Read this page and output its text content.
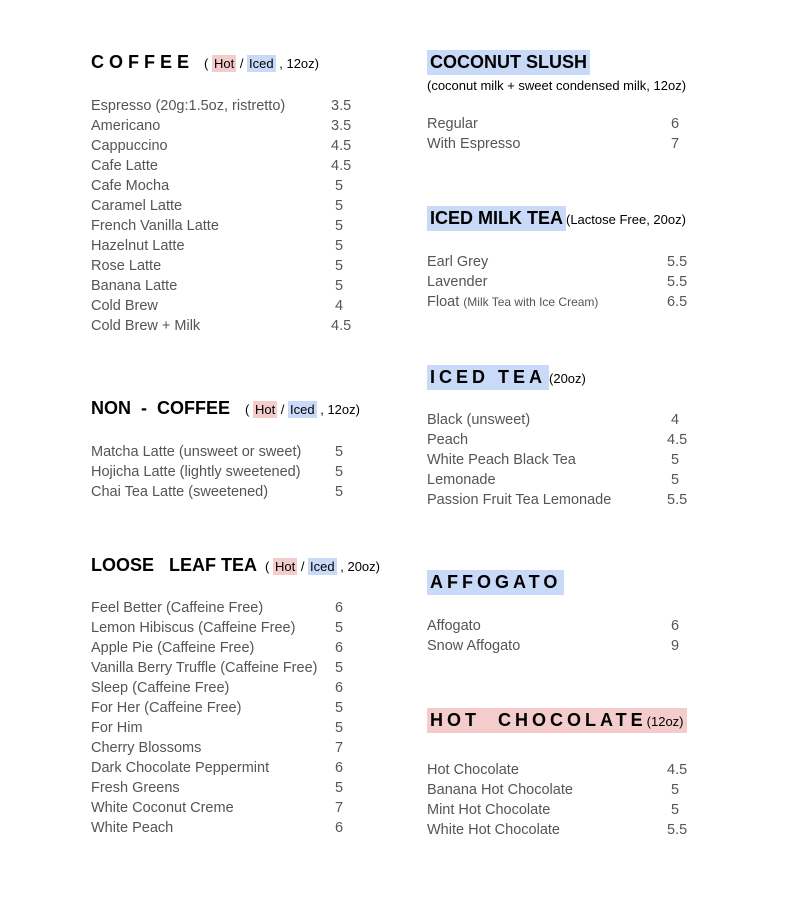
COFFEE ( Hot / Iced , 12oz)
Espresso (20g:1.5oz, ristretto)	3.5
Americano	3.5
Cappuccino	4.5
Cafe Latte	4.5
Cafe Mocha	5
Caramel Latte	5
French Vanilla Latte	5
Hazelnut Latte	5
Rose Latte	5
Banana Latte	5
Cold Brew	4
Cold Brew + Milk	4.5
NON  -  COFFEE ( Hot / Iced , 12oz)
Matcha Latte (unsweet or sweet) 5
Hojicha Latte (lightly sweetened) 5
Chai Tea Latte (sweetened)	5
LOOSE   LEAF TEA ( Hot / Iced , 20oz)
Feel Better (Caffeine Free)	6
Lemon Hibiscus (Caffeine Free)	5
Apple Pie (Caffeine Free)	6
Vanilla Berry Truffle (Caffeine Free) 5
Sleep (Caffeine Free)	6
For Her (Caffeine Free)	5
For Him	5
Cherry Blossoms	7
Dark Chocolate Peppermint	6
Fresh Greens	5
White Coconut Creme	7
White Peach	6
COCONUT SLUSH
(coconut milk + sweet condensed milk, 12oz)
Regular	6
With Espresso	7
ICED MILK TEA (Lactose Free, 20oz)
Earl Grey	5.5
Lavender	5.5
Float (Milk Tea with Ice Cream)	6.5
ICED TEA (20oz)
Black (unsweet)	4
Peach	4.5
White Peach Black Tea	5
Lemonade	5
Passion Fruit Tea Lemonade	5.5
AFFOGATO
Affogato	6
Snow Affogato	9
HOT  CHOCOLATE(12oz)
Hot Chocolate	4.5
Banana Hot Chocolate	5
Mint Hot Chocolate	5
White Hot Chocolate	5.5
